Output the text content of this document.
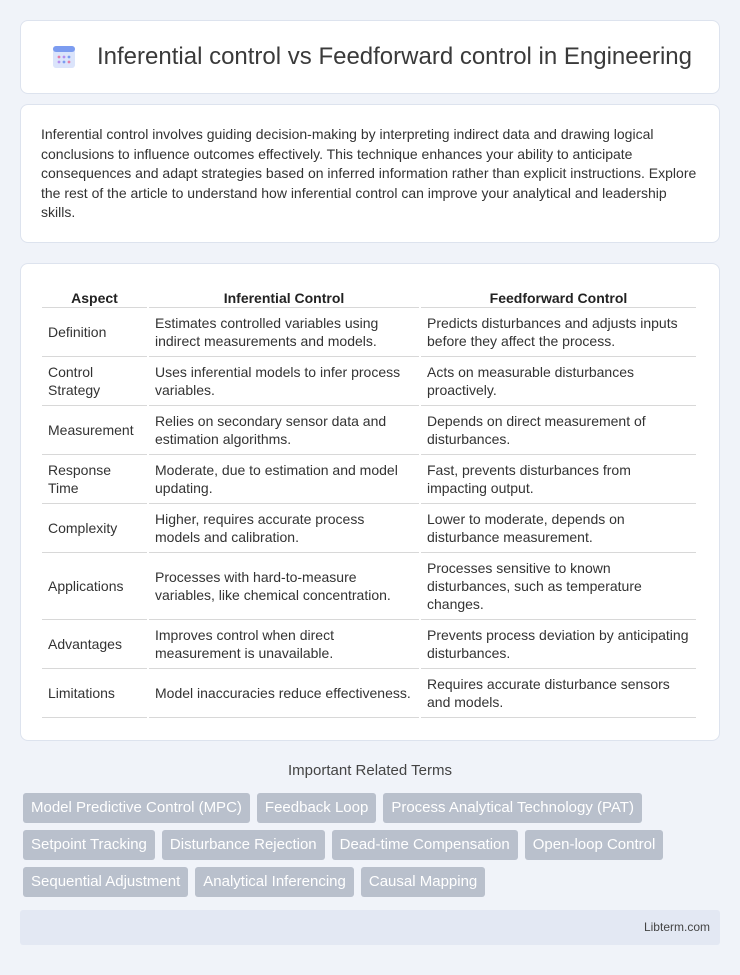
Inferential control vs Feedforward control in Engineering

Inferential control involves guiding decision-making by interpreting indirect data and drawing logical conclusions to influence outcomes effectively. This technique enhances your ability to anticipate consequences and adapt strategies based on inferred information rather than explicit instructions. Explore the rest of the article to understand how inferential control can improve your analytical and leadership skills.

Aspect	Inferential Control	Feedforward Control
Definition	Estimates controlled variables using indirect measurements and models.	Predicts disturbances and adjusts inputs before they affect the process.
Control Strategy	Uses inferential models to infer process variables.	Acts on measurable disturbances proactively.
Measurement	Relies on secondary sensor data and estimation algorithms.	Depends on direct measurement of disturbances.
Response Time	Moderate, due to estimation and model updating.	Fast, prevents disturbances from impacting output.
Complexity	Higher, requires accurate process models and calibration.	Lower to moderate, depends on disturbance measurement.
Applications	Processes with hard-to-measure variables, like chemical concentration.	Processes sensitive to known disturbances, such as temperature changes.
Advantages	Improves control when direct measurement is unavailable.	Prevents process deviation by anticipating disturbances.
Limitations	Model inaccuracies reduce effectiveness.	Requires accurate disturbance sensors and models.
Important Related Terms
Model Predictive Control (MPC)	Feedback Loop	Process Analytical Technology (PAT)
Setpoint Tracking	Disturbance Rejection	Dead-time Compensation	Open-loop Control
Sequential Adjustment	Analytical Inferencing	Causal Mapping
Libterm.com
